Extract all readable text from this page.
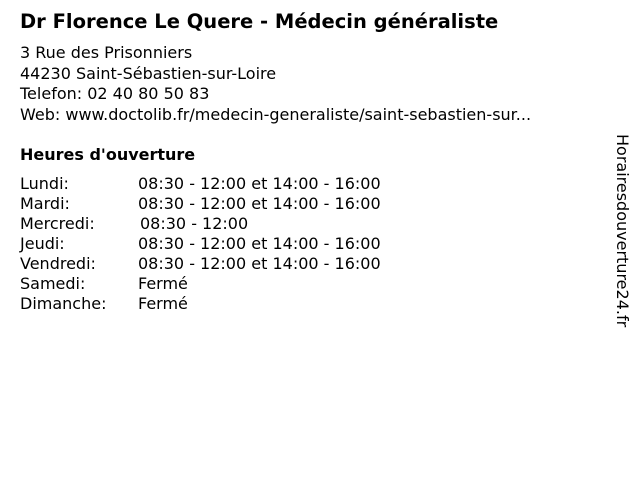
Dr Florence Le Quere - Médecin généraliste
3 Rue des Prisonniers
44230 Saint-Sébastien-sur-Loire
Telefon: 02 40 80 50 83
Web: www.doctolib.fr/medecin-generaliste/saint-sebastien-sur...
Heures d'ouverture
Lundi:	08:30 - 12:00 et 14:00 - 16:00
Mardi:	08:30 - 12:00 et 14:00 - 16:00
Mercredi:	08:30 - 12:00
Jeudi:	08:30 - 12:00 et 14:00 - 16:00
Vendredi:	08:30 - 12:00 et 14:00 - 16:00
Samedi:	Fermé
Dimanche: Fermé	Horairesdouverture24.fr
